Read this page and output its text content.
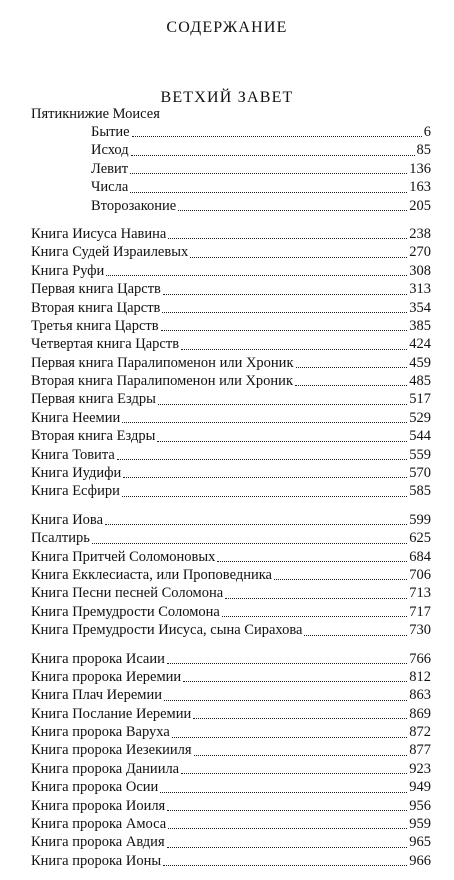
СОДЕРЖАНИЕ
ВЕТХИЙ ЗАВЕТ
Пятикнижие Моисея
Бытие	6
Исход	85
Левит	136
Числа	163
Второзаконие	205
Книга Иисуса Навина	238
Книга Судей Израилевых	270
Книга Руфи	308
Первая книга Царств	313
Вторая книга Царств	354
Третья книга Царств	385
Четвертая книга Царств	424
Первая книга Паралипоменон или Хроник	459
Вторая книга Паралипоменон или Хроник	485
Первая книга Ездры	517
Книга Неемии	529
Вторая книга Ездры	544
Книга Товита	559
Книга Иудифи	570
Книга Есфири	585
Книга Иова	599
Псалтирь	625
Книга Притчей Соломоновых	684
Книга Екклесиаста, или Проповедника	706
Книга Песни песней Соломона	713
Книга Премудрости Соломона	717
Книга Премудрости Иисуса, сына Сирахова	730
Книга пророка Исаии	766
Книга пророка Иеремии	812
Книга Плач Иеремии	863
Книга Послание Иеремии	869
Книга пророка Варуха	872
Книга пророка Иезекииля	877
Книга пророка Даниила	923
Книга пророка Осии	949
Книга пророка Иоиля	956
Книга пророка Амоса	959
Книга пророка Авдия	965
Книга пророка Ионы	966
